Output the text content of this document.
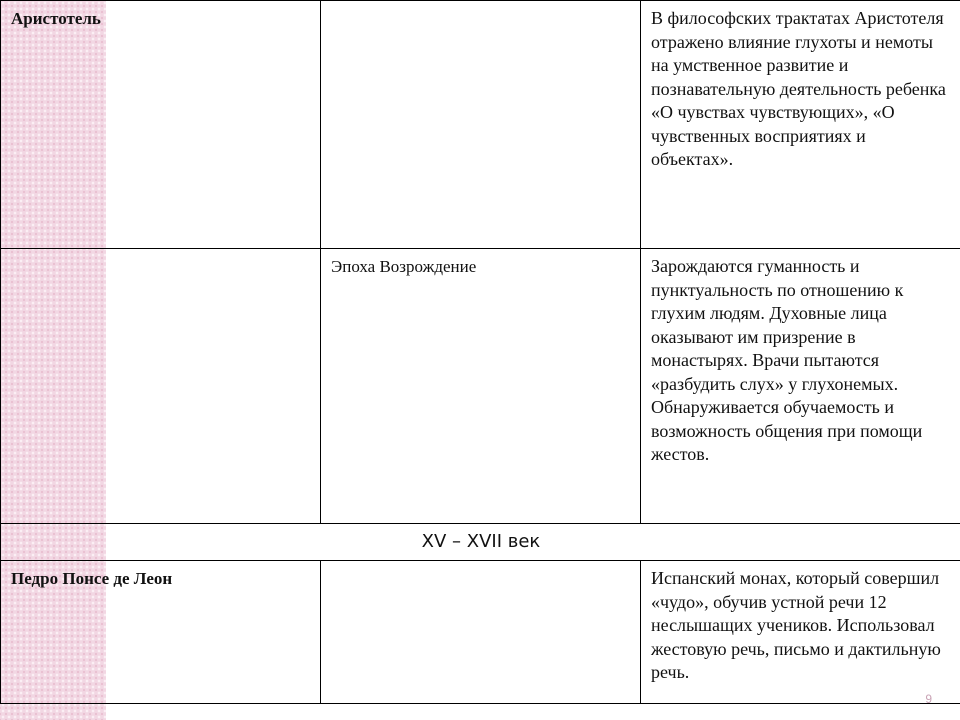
Аристотель		В философских трактатах Аристотеля отражено влияние глухоты и немоты на умственное развитие и познавательную деятельность ребенка «О чувствах чувствующих», «О чувственных восприятиях и объектах».
	Эпоха Возрождение	Зарождаются гуманность и пунктуальность по отношению к глухим людям. Духовные лица оказывают им призрение в монастырях. Врачи пытаются «разбудить слух» у глухонемых. Обнаруживается обучаемость и возможность общения при помощи жестов.
XV – XVII век		
Педро Понсе де Леон		Испанский монах, который совершил «чудо», обучив устной речи 12 неслышащих учеников. Использовал жестовую речь, письмо и дактильную речь.
9
